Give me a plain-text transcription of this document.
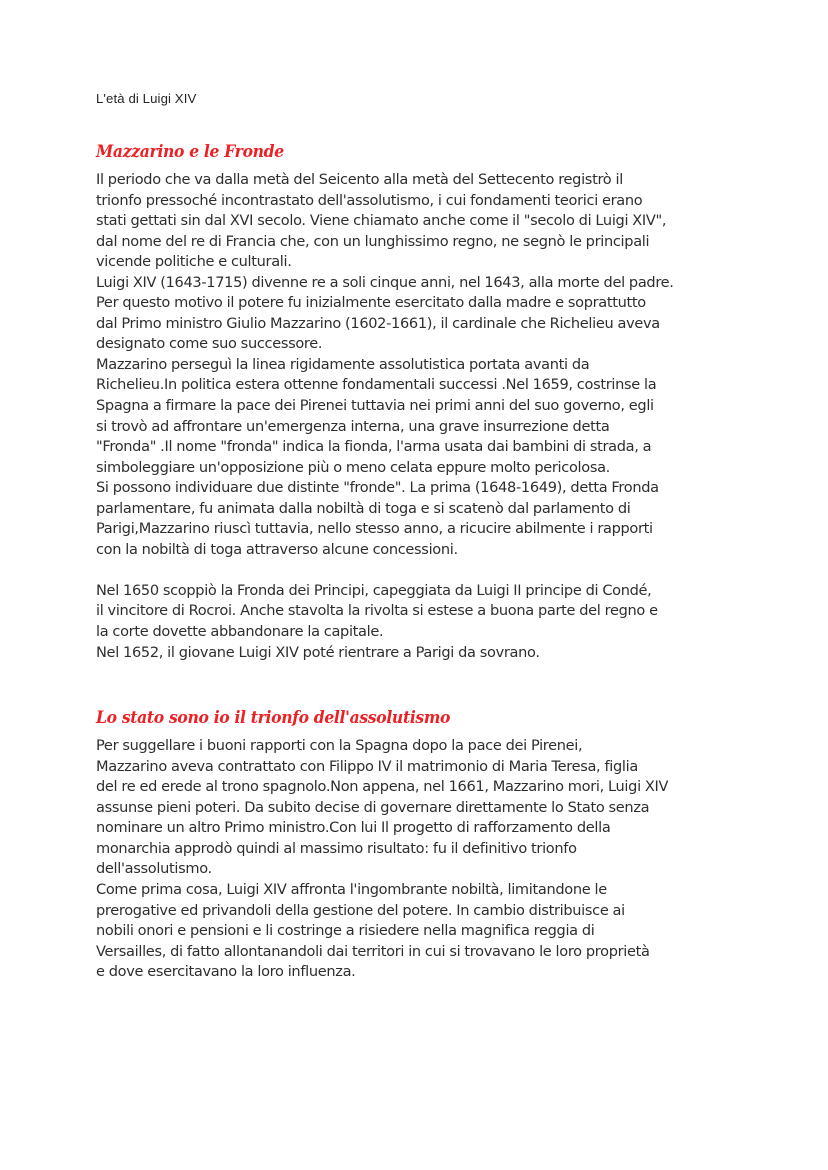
L'età di Luigi XIV
Mazzarino e le Fronde
Il periodo che va dalla metà del Seicento alla metà del Settecento registrò il
trionfo pressoché incontrastato dell'assolutismo, i cui fondamenti teorici erano
stati gettati sin dal XVI secolo. Viene chiamato anche come il "secolo di Luigi XIV",
dal nome del re di Francia che, con un lunghissimo regno, ne segnò le principali
vicende politiche e culturali.
Luigi XIV (1643-1715) divenne re a soli cinque anni, nel 1643, alla morte del padre.
Per questo motivo il potere fu inizialmente esercitato dalla madre e soprattutto
dal Primo ministro Giulio Mazzarino (1602-1661), il cardinale che Richelieu aveva
designato come suo successore.
Mazzarino perseguì la linea rigidamente assolutistica portata avanti da
Richelieu.In politica estera ottenne fondamentali successi .Nel 1659, costrinse la
Spagna a firmare la pace dei Pirenei tuttavia nei primi anni del suo governo, egli
si trovò ad affrontare un'emergenza interna, una grave insurrezione detta
"Fronda" .Il nome "fronda" indica la fionda, l'arma usata dai bambini di strada, a
simboleggiare un'opposizione più o meno celata eppure molto pericolosa.
Si possono individuare due distinte "fronde". La prima (1648-1649), detta Fronda
parlamentare, fu animata dalla nobiltà di toga e si scatenò dal parlamento di
Parigi,Mazzarino riuscì tuttavia, nello stesso anno, a ricucire abilmente i rapporti
con la nobiltà di toga attraverso alcune concessioni.
Nel 1650 scoppiò la Fronda dei Principi, capeggiata da Luigi II principe di Condé,
il vincitore di Rocroi. Anche stavolta la rivolta si estese a buona parte del regno e
la corte dovette abbandonare la capitale.
Nel 1652, il giovane Luigi XIV poté rientrare a Parigi da sovrano.
Lo stato sono io il trionfo dell'assolutismo
Per suggellare i buoni rapporti con la Spagna dopo la pace dei Pirenei,
Mazzarino aveva contrattato con Filippo IV il matrimonio di Maria Teresa, figlia
del re ed erede al trono spagnolo.Non appena, nel 1661, Mazzarino mori, Luigi XIV
assunse pieni poteri. Da subito decise di governare direttamente lo Stato senza
nominare un altro Primo ministro.Con lui Il progetto di rafforzamento della
monarchia approdò quindi al massimo risultato: fu il definitivo trionfo
dell'assolutismo.
Come prima cosa, Luigi XIV affronta l'ingombrante nobiltà, limitandone le
prerogative ed privandoli della gestione del potere. In cambio distribuisce ai
nobili onori e pensioni e li costringe a risiedere nella magnifica reggia di
Versailles, di fatto allontanandoli dai territori in cui si trovavano le loro proprietà
e dove esercitavano la loro influenza.
